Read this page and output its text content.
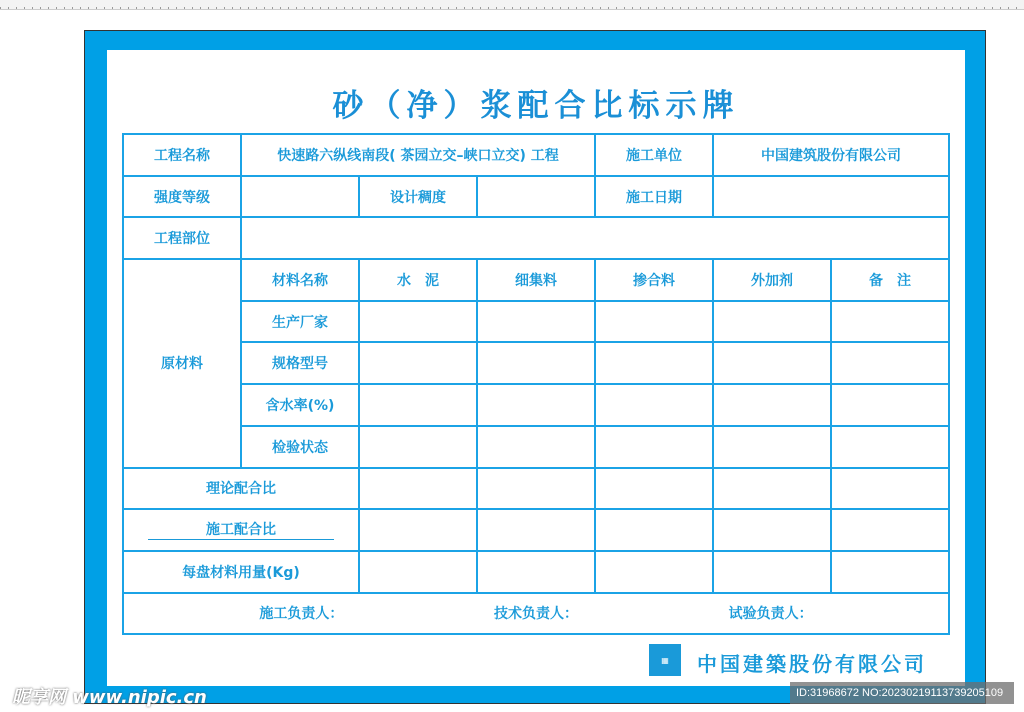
砂（净）浆配合比标示牌
工程名称	快速路六纵线南段( 茶园立交–峡口立交) 工程			施工单位	中国建筑股份有限公司	
强度等级		设计稠度		施工日期		
工程部位						
原材料	材料名称	水　泥	细集料	掺合料	外加剂	备　注
	生产厂家					
	规格型号					
	含水率(%)					
	检验状态					
理论配合比						
施工配合比						
每盘材料用量(Kg)						

施工负责人： 技术负责人： 试验负责人：						
▦	中国建築股份有限公司
昵享网 www.nipic.cn	ID:31968672 NO:20230219113739205109
